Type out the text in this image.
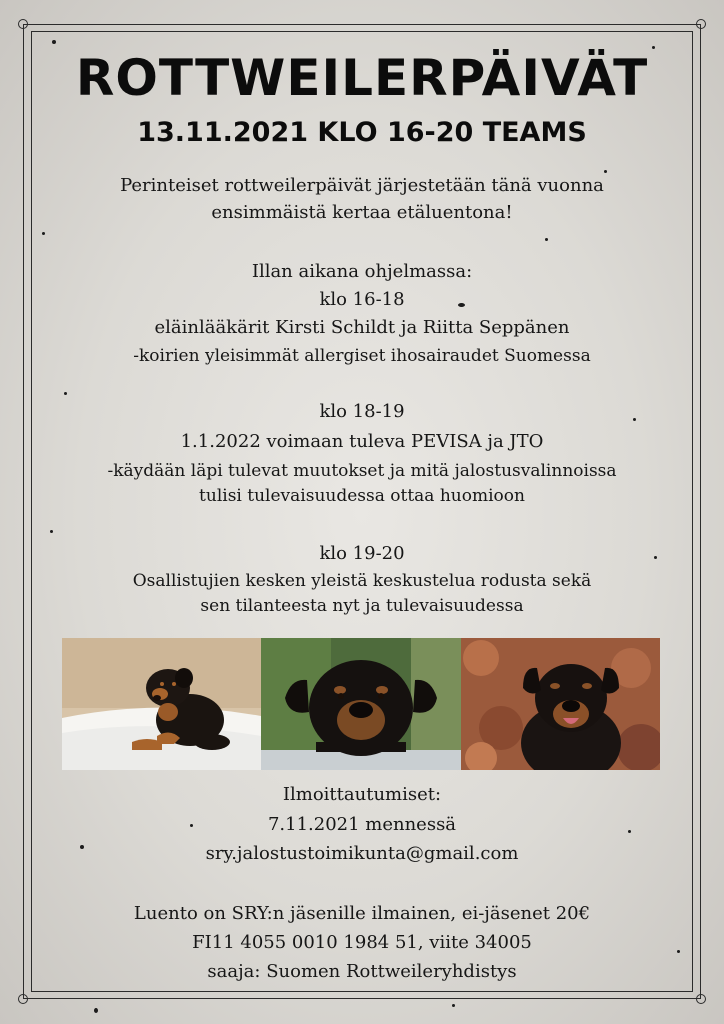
ROTTWEILERPÄIVÄT
13.11.2021 KLO 16-20 TEAMS
Perinteiset rottweilerpäivät järjestetään tänä vuonna
ensimmäistä kertaa etäluentona!
Illan aikana ohjelmassa:
klo 16-18
eläinlääkärit Kirsti Schildt ja Riitta Seppänen
-koirien yleisimmät allergiset ihosairaudet Suomessa
klo 18-19
1.1.2022 voimaan tuleva PEVISA ja JTO
-käydään läpi tulevat muutokset ja mitä jalostusvalinnoissa
tulisi tulevaisuudessa ottaa huomioon
klo 19-20
Osallistujien kesken yleistä keskustelua rodusta sekä
sen tilanteesta nyt ja tulevaisuudessa
Ilmoittautumiset:
7.11.2021 mennessä
sry.jalostustoimikunta@gmail.com
Luento on SRY:n jäsenille ilmainen, ei-jäsenet 20€
FI11 4055 0010 1984 51, viite 34005
saaja: Suomen Rottweileryhdistys
